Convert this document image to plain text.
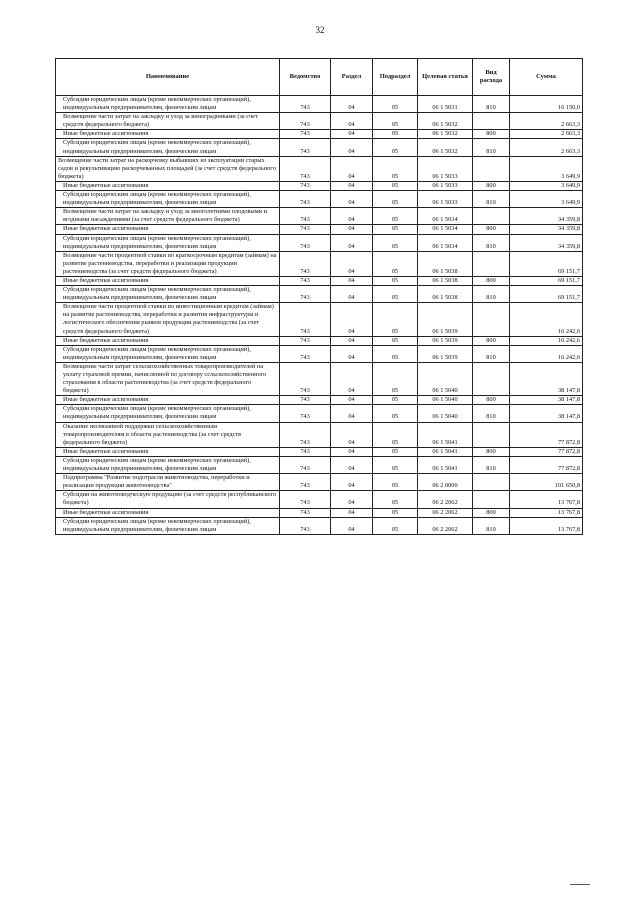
32
Наименование	Ведомство	Раздел	Подраздел	Целевая статья	Вид расхода	Сумма
Субсидии юридическим лицам (кроме некоммерческих организаций), индивидуальным предпринимателям, физическим лицам	743	04	05	06 1 5031	810	16 150,0
Возмещение части затрат на закладку и уход за виноградниками (за счет средств федерального бюджета)	743	04	05	06 1 5032		2 663,3
Иные бюджетные ассигнования	743	04	05	06 1 5032	800	2 663,3
Субсидии юридическим лицам (кроме некоммерческих организаций), индивидуальным предпринимателям, физическим лицам	743	04	05	06 1 5032	810	2 663,3
Возмещение части затрат на раскорчевку выбывших из эксплуатации старых садов и рекультивацию раскорчеванных площадей (за счет средств федерального бюджета)	743	04	05	06 1 5033		3 649,9
Иные бюджетные ассигнования	743	04	05	06 1 5033	800	3 649,9
Субсидии юридическим лицам (кроме некоммерческих организаций), индивидуальным предпринимателям, физическим лицам	743	04	05	06 1 5033	810	3 649,9
Возмещение части затрат на закладку и уход за многолетними плодовыми и ягодными насаждениями (за счет средств федерального бюджета)	743	04	05	06 1 5034		34 359,8
Иные бюджетные ассигнования	743	04	05	06 1 5034	800	34 359,8
Субсидии юридическим лицам (кроме некоммерческих организаций), индивидуальным предпринимателям, физическим лицам	743	04	05	06 1 5034	810	34 359,8
Возмещение части процентной ставки по краткосрочным кредитам (займам) на развитие растениеводства, переработки и реализации продукции растениеводства (за счет средств федерального бюджета)	743	04	05	06 1 5038		69 151,7
Иные бюджетные ассигнования	743	04	05	06 1 5038	800	69 151,7
Субсидии юридическим лицам (кроме некоммерческих организаций), индивидуальным предпринимателям, физическим лицам	743	04	05	06 1 5038	810	69 151,7
Возмещение части процентной ставки по инвестиционным кредитам (займам) на развитие растениеводства, переработки и развития инфраструктуры и логистического обеспечения рынков продукции растениеводства (за счет средств федерального бюджета)	743	04	05	06 1 5039		16 242,6
Иные бюджетные ассигнования	743	04	05	06 1 5039	800	16 242,6
Субсидии юридическим лицам (кроме некоммерческих организаций), индивидуальным предпринимателям, физическим лицам	743	04	05	06 1 5039	810	16 242,6
Возмещение части затрат сельскохозяйственных товаропроизводителей на уплату страховой премии, начисленной по договору сельскохозяйственного страхования в области растениеводства (за счет средств федерального бюджета)	743	04	05	06 1 5040		38 147,8
Иные бюджетные ассигнования	743	04	05	06 1 5040	800	38 147,8
Субсидии юридическим лицам (кроме некоммерческих организаций), индивидуальным предпринимателям, физическим лицам	743	04	05	06 1 5040	810	38 147,8
Оказание несвязанной поддержки сельскохозяйственным товаропроизводителям в области растениеводства (за счет средств федерального бюджета)	743	04	05	06 1 5041		77 872,8
Иные бюджетные ассигнования	743	04	05	06 1 5041	800	77 872,8
Субсидии юридическим лицам (кроме некоммерческих организаций), индивидуальным предпринимателям, физическим лицам	743	04	05	06 1 5041	810	77 872,8
Подпрограмма "Развитие подотрасли животноводства, переработки и реализации продукции животноводства"	743	04	05	06 2 0000		101 650,8
Субсидии на животноводческую продукцию (за счет средств республиканского бюджета)	743	04	05	06 2 2062		13 767,8
Иные бюджетные ассигнования	743	04	05	06 2 2062	800	13 767,8
Субсидии юридическим лицам (кроме некоммерческих организаций), индивидуальным предпринимателям, физическим лицам	743	04	05	06 2 2062	810	13 767,8
